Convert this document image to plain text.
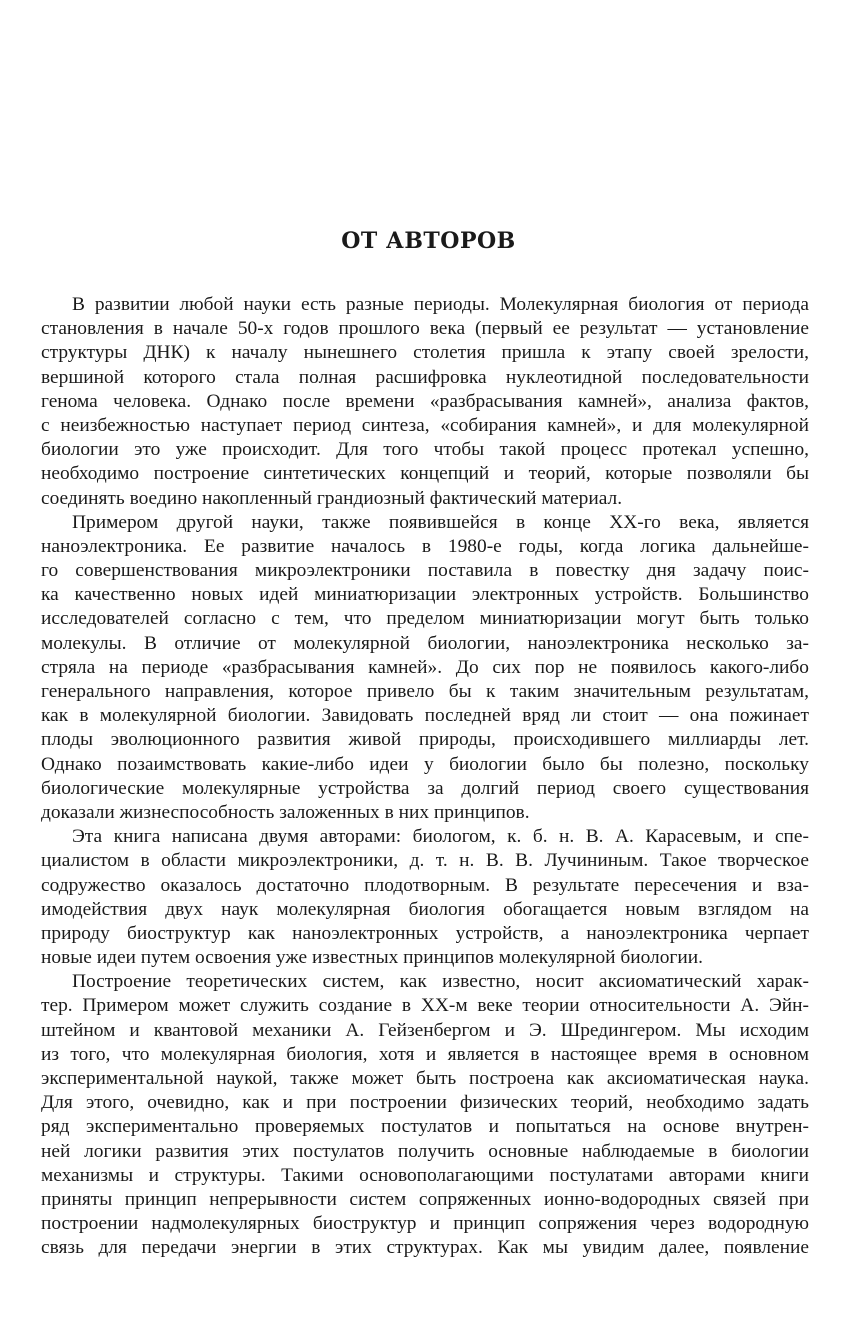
ОТ АВТОРОВ
В развитии любой науки есть разные периоды. Молекулярная биология от периода
становления в начале 50-х годов прошлого века (первый ее результат — установление
структуры ДНК) к началу нынешнего столетия пришла к этапу своей зрелости,
вершиной которого стала полная расшифровка нуклеотидной последовательности
генома человека. Однако после времени «разбрасывания камней», анализа фактов,
с неизбежностью наступает период синтеза, «собирания камней», и для молекулярной
биологии это уже происходит. Для того чтобы такой процесс протекал успешно,
необходимо построение синтетических концепций и теорий, которые позволяли бы
соединять воедино накопленный грандиозный фактический материал.
Примером другой науки, также появившейся в конце XX-го века, является
наноэлектроника. Ее развитие началось в 1980-е годы, когда логика дальнейше-
го совершенствования микроэлектроники поставила в повестку дня задачу поис-
ка качественно новых идей миниатюризации электронных устройств. Большинство
исследователей согласно с тем, что пределом миниатюризации могут быть только
молекулы. В отличие от молекулярной биологии, наноэлектроника несколько за-
стряла на периоде «разбрасывания камней». До сих пор не появилось какого-либо
генерального направления, которое привело бы к таким значительным результатам,
как в молекулярной биологии. Завидовать последней вряд ли стоит — она пожинает
плоды эволюционного развития живой природы, происходившего миллиарды лет.
Однако позаимствовать какие-либо идеи у биологии было бы полезно, поскольку
биологические молекулярные устройства за долгий период своего существования
доказали жизнеспособность заложенных в них принципов.
Эта книга написана двумя авторами: биологом, к. б. н. В. А. Карасевым, и спе-
циалистом в области микроэлектроники, д. т. н. В. В. Лучининым. Такое творческое
содружество оказалось достаточно плодотворным. В результате пересечения и вза-
имодействия двух наук молекулярная биология обогащается новым взглядом на
природу биоструктур как наноэлектронных устройств, а наноэлектроника черпает
новые идеи путем освоения уже известных принципов молекулярной биологии.
Построение теоретических систем, как известно, носит аксиоматический харак-
тер. Примером может служить создание в XX-м веке теории относительности А. Эйн-
штейном и квантовой механики А. Гейзенбергом и Э. Шредингером. Мы исходим
из того, что молекулярная биология, хотя и является в настоящее время в основном
экспериментальной наукой, также может быть построена как аксиоматическая наука.
Для этого, очевидно, как и при построении физических теорий, необходимо задать
ряд экспериментально проверяемых постулатов и попытаться на основе внутрен-
ней логики развития этих постулатов получить основные наблюдаемые в биологии
механизмы и структуры. Такими основополагающими постулатами авторами книги
приняты принцип непрерывности систем сопряженных ионно-водородных связей при
построении надмолекулярных биоструктур и принцип сопряжения через водородную
связь для передачи энергии в этих структурах. Как мы увидим далее, появление
